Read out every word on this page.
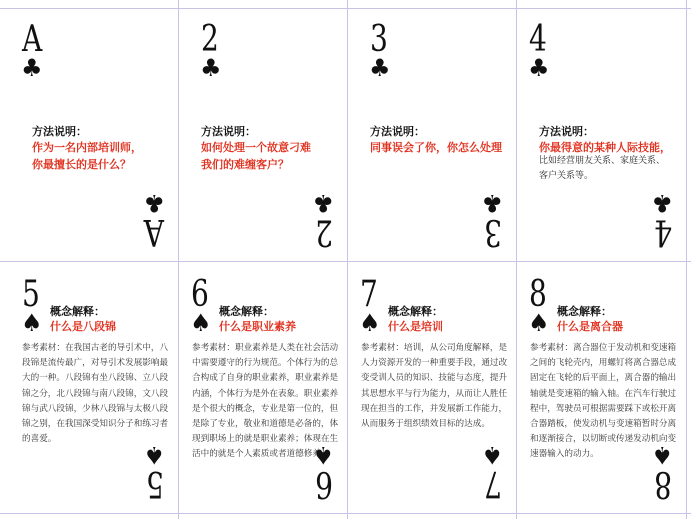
A
♣
方法说明：
作为一名内部培训师，
你最擅长的是什么？
A
♣
2
♣
方法说明：
如何处理一个故意刁难
我们的难缠客户？
2
♣
3
♣
方法说明：
同事误会了你，你怎么处理
3
♣
4
♣
方法说明：
你最得意的某种人际技能，
比如经营朋友关系、家庭关系、
客户关系等。
4
♣
5
♠ 概念解释：
什么是八段锦
参考素材：在我国古老的导引术中，八
段锦是流传最广，对导引术发展影响最
大的一种。八段锦有坐八段锦、立八段
锦之分，北八段锦与南八段锦，文八段
锦与武八段锦，少林八段锦与太极八段
锦之别，在我国深受知识分子和练习者
的喜爱。
5
♠
6
♠ 概念解释：
什么是职业素养
参考素材：职业素养是人类在社会活动
中需要遵守的行为规范。个体行为的总
合构成了自身的职业素养，职业素养是
内涵，个体行为是外在表象。职业素养
是个很大的概念，专业是第一位的，但
是除了专业，敬业和道德是必备的，体
现到职场上的就是职业素养；体现在生
活中的就是个人素质或者道德修养。
6
♠
7
♠ 概念解释：
什么是培训
参考素材：培训，从公司角度解释，是
人力资源开发的一种重要手段，通过改
变受训人员的知识、技能与态度，提升
其思想水平与行为能力，从而让人胜任
现在担当的工作，并发展新工作能力，
从而服务于组织绩效目标的达成。
7
♠
8
♠ 概念解释：
什么是离合器
参考素材：离合器位于发动机和变速箱
之间的飞轮壳内，用螺钉将离合器总成
固定在飞轮的后平面上，离合器的输出
轴就是变速箱的输入轴。在汽车行驶过
程中，驾驶员可根据需要踩下或松开离
合器踏板，使发动机与变速箱暂时分离
和逐渐接合，以切断或传递发动机向变
速器输入的动力。
8
♠
